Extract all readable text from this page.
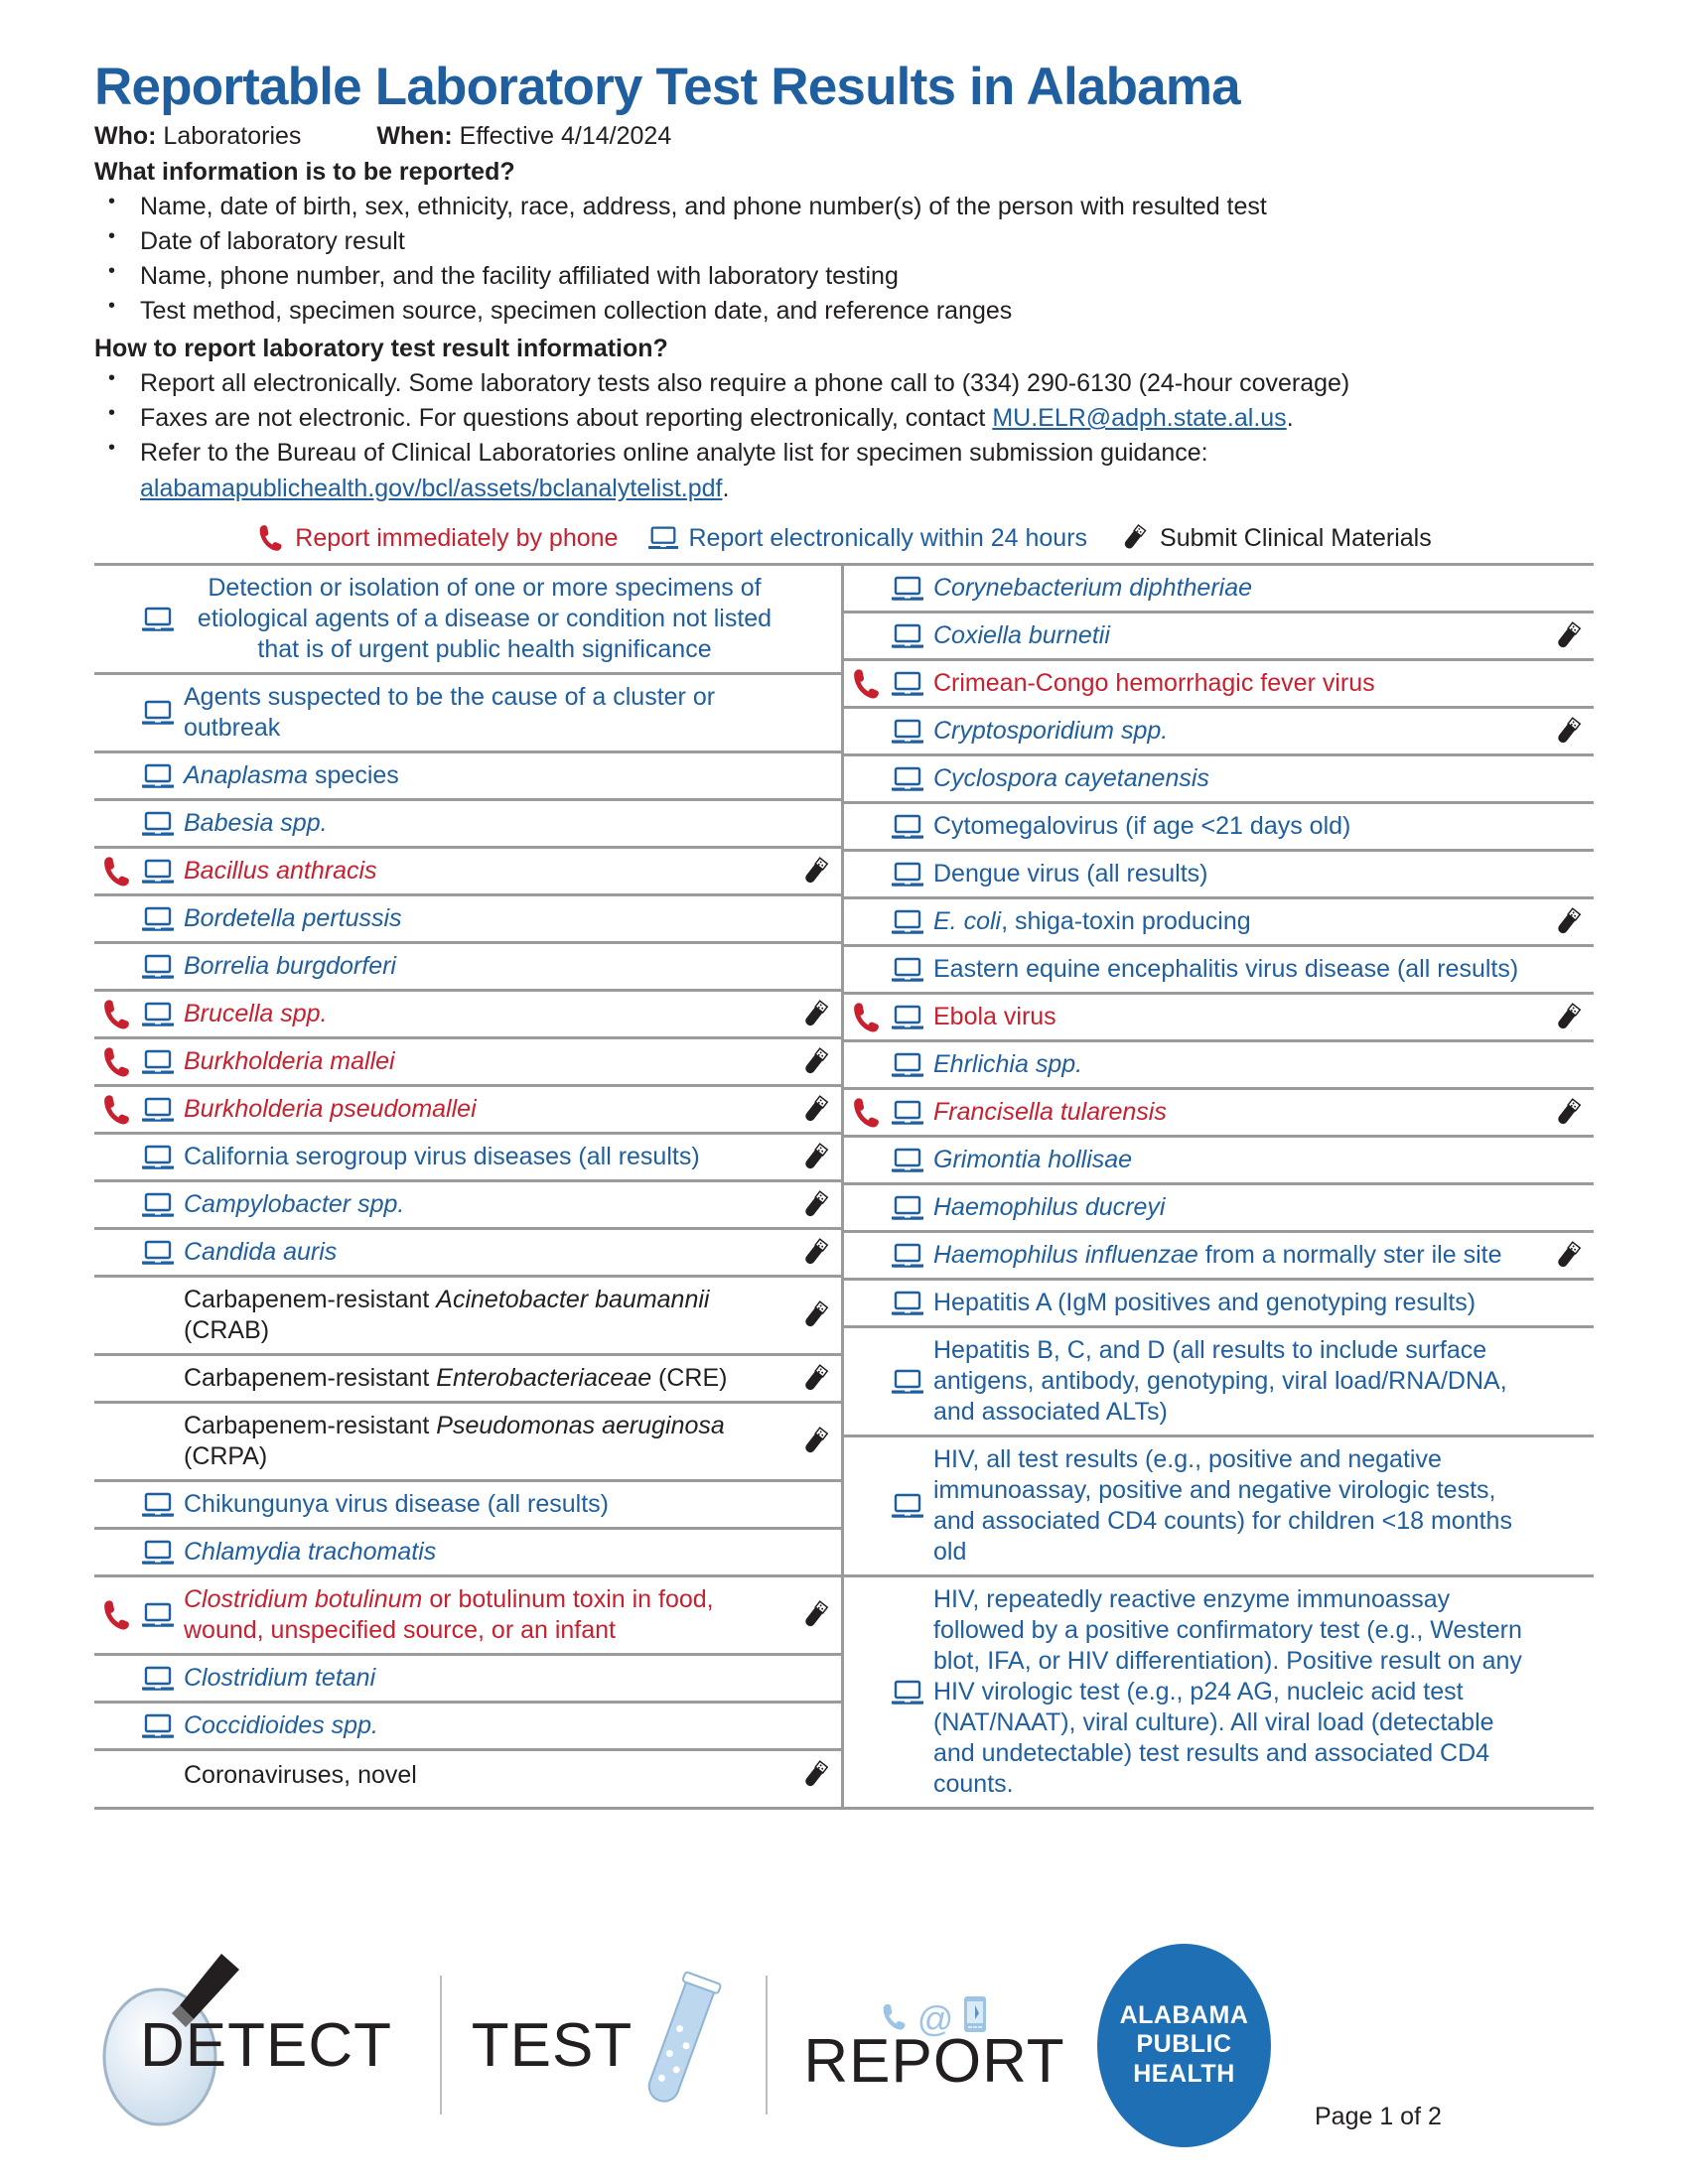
Reportable Laboratory Test Results in Alabama
Who: Laboratories	When: Effective 4/14/2024
What information is to be reported?
• Name, date of birth, sex, ethnicity, race, address, and phone number(s) of the person with resulted test
• Date of laboratory result
• Name, phone number, and the facility affiliated with laboratory testing
• Test method, specimen source, specimen collection date, and reference ranges
How to report laboratory test result information?
• Report all electronically. Some laboratory tests also require a phone call to (334) 290-6130 (24-hour coverage)
• Faxes are not electronic. For questions about reporting electronically, contact MU.ELR@adph.state.al.us.
• Refer to the Bureau of Clinical Laboratories online analyte list for specimen submission guidance:
alabamapublichealth.gov/bcl/assets/bclanalytelist.pdf.
Report immediately by phone	Report electronically within 24 hours	Submit Clinical Materials
Detection or isolation of one or more specimens of etiological agents of a disease or condition not listed that is of urgent public health significance
Agents suspected to be the cause of a cluster or outbreak
Anaplasma species
Babesia spp.
Bacillus anthracis
Bordetella pertussis
Borrelia burgdorferi
Brucella spp.
Burkholderia mallei
Burkholderia pseudomallei
California serogroup virus diseases (all results)
Campylobacter spp.
Candida auris
Carbapenem-resistant Acinetobacter baumannii (CRAB)
Carbapenem-resistant Enterobacteriaceae (CRE)
Carbapenem-resistant Pseudomonas aeruginosa (CRPA)
Chikungunya virus disease (all results)
Chlamydia trachomatis
Clostridium botulinum or botulinum toxin in food, wound, unspecified source, or an infant
Clostridium tetani
Coccidioides spp.
Coronaviruses, novel
Corynebacterium diphtheriae
Coxiella burnetii
Crimean-Congo hemorrhagic fever virus
Cryptosporidium spp.
Cyclospora cayetanensis
Cytomegalovirus (if age <21 days old)
Dengue virus (all results)
E. coli, shiga-toxin producing
Eastern equine encephalitis virus disease (all results)
Ebola virus
Ehrlichia spp.
Francisella tularensis
Grimontia hollisae
Haemophilus ducreyi
Haemophilus influenzae from a normally ster ile site
Hepatitis A (IgM positives and genotyping results)
Hepatitis B, C, and D (all results to include surface antigens, antibody, genotyping, viral load/RNA/DNA, and associated ALTs)
HIV, all test results (e.g., positive and negative immunoassay, positive and negative virologic tests, and associated CD4 counts) for children <18 months old
HIV, repeatedly reactive enzyme immunoassay followed by a positive confirmatory test (e.g., Western blot, IFA, or HIV differentiation). Positive result on any HIV virologic test (e.g., p24 AG, nucleic acid test (NAT/NAAT), viral culture). All viral load (detectable and undetectable) test results and associated CD4 counts.
DETECT TEST	@
REPORT
ALABAMA
PUBLIC
HEALTH
Page 1 of 2
